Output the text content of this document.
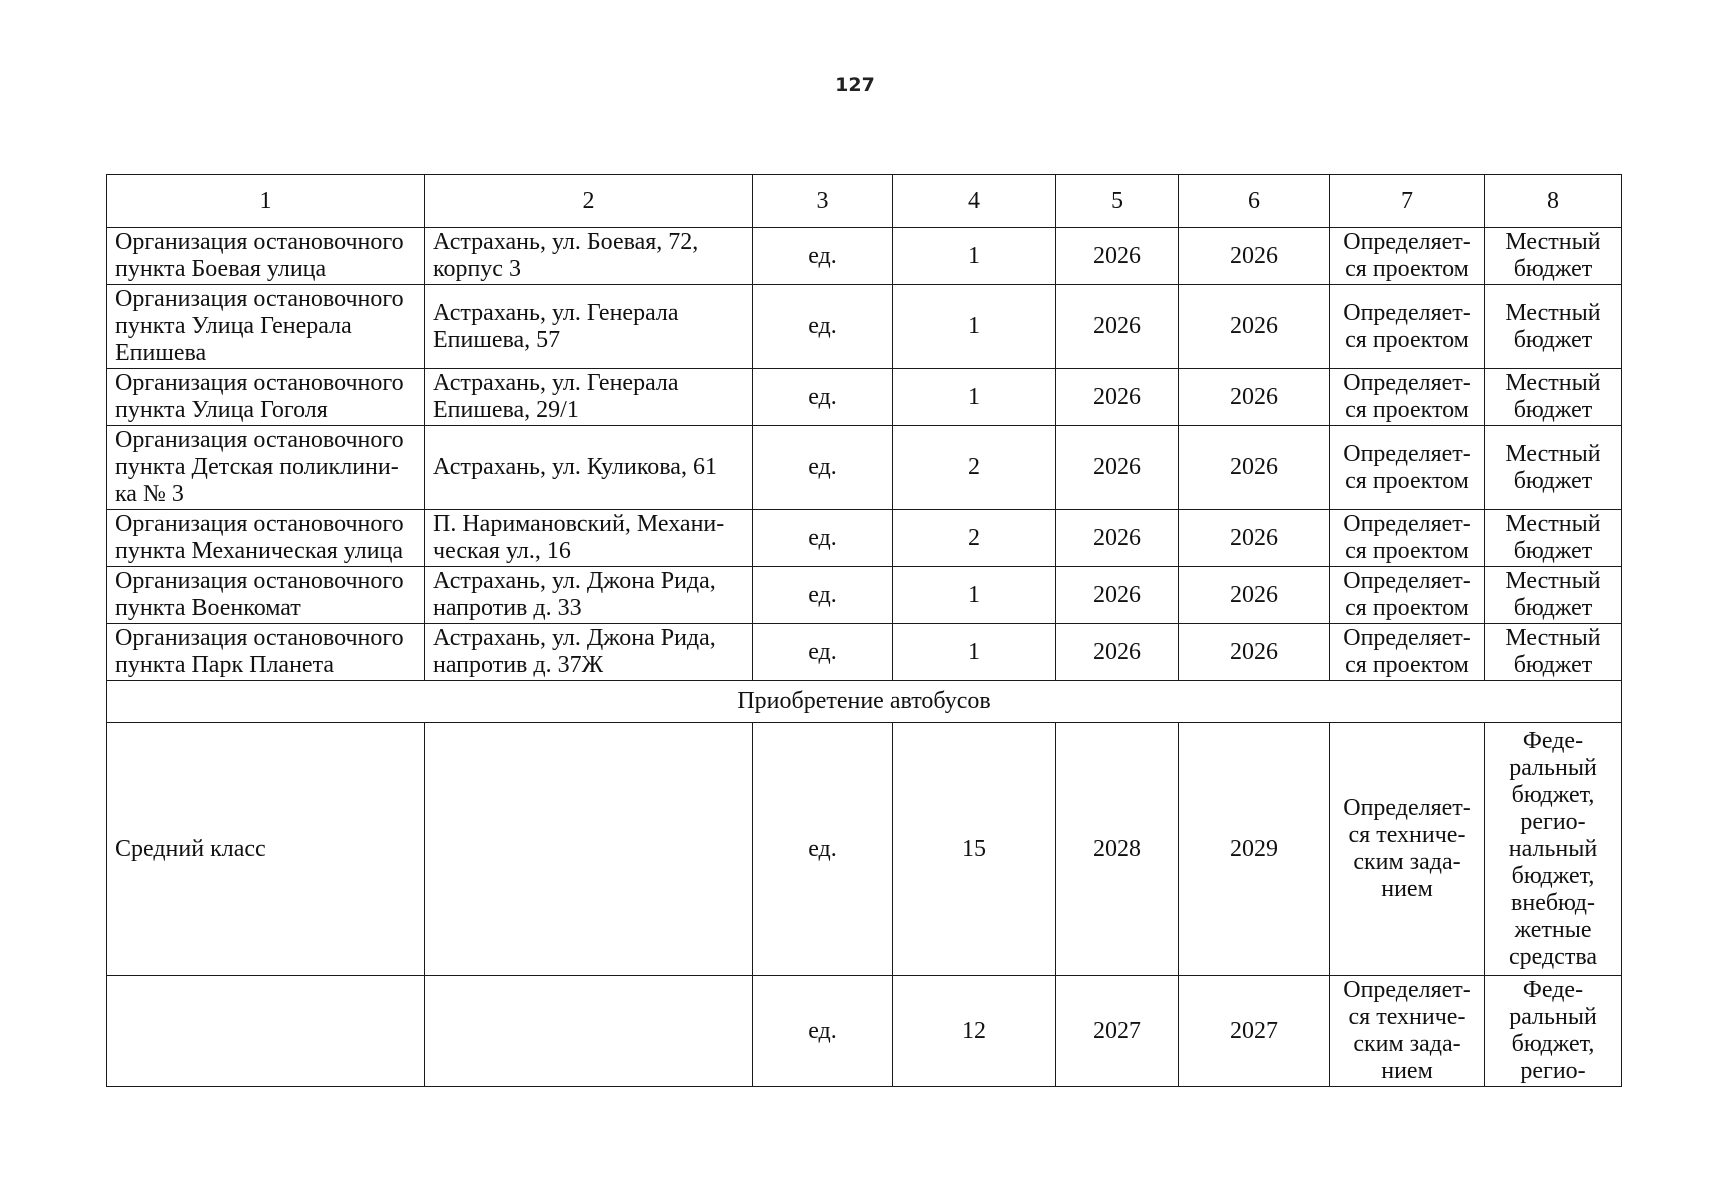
127
1	2	3	4	5	6	7	8
Организация остановочного пункта Боевая улица	Астрахань, ул. Боевая, 72, корпус 3	ед.	1	2026	2026	Определяет-ся проектом	Местный бюджет
Организация остановочного пункта Улица Генерала Епишева	Астрахань, ул. Генерала Епишева, 57	ед.	1	2026	2026	Определяет-ся проектом	Местный бюджет
Организация остановочного пункта Улица Гоголя	Астрахань, ул. Генерала Епишева, 29/1	ед.	1	2026	2026	Определяет-ся проектом	Местный бюджет
Организация остановочного пункта Детская поликлини-ка № 3	Астрахань, ул. Куликова, 61	ед.	2	2026	2026	Определяет-ся проектом	Местный бюджет
Организация остановочного пункта Механическая улица	П. Наримановский, Механи-ческая ул., 16	ед.	2	2026	2026	Определяет-ся проектом	Местный бюджет
Организация остановочного пункта Военкомат	Астрахань, ул. Джона Рида, напротив д. 33	ед.	1	2026	2026	Определяет-ся проектом	Местный бюджет
Организация остановочного пункта Парк Планета	Астрахань, ул. Джона Рида, напротив д. 37Ж	ед.	1	2026	2026	Определяет-ся проектом	Местный бюджет
Приобретение автобусов							
Средний класс		ед.	15	2028	2029	Определяет-ся техниче-ским зада-нием	Феде-ральный бюджет, регио-нальный бюджет, внебюд-жетные средства
		ед.	12	2027	2027	Определяет-ся техниче-ским зада-нием	Феде-ральный бюджет, регио-
